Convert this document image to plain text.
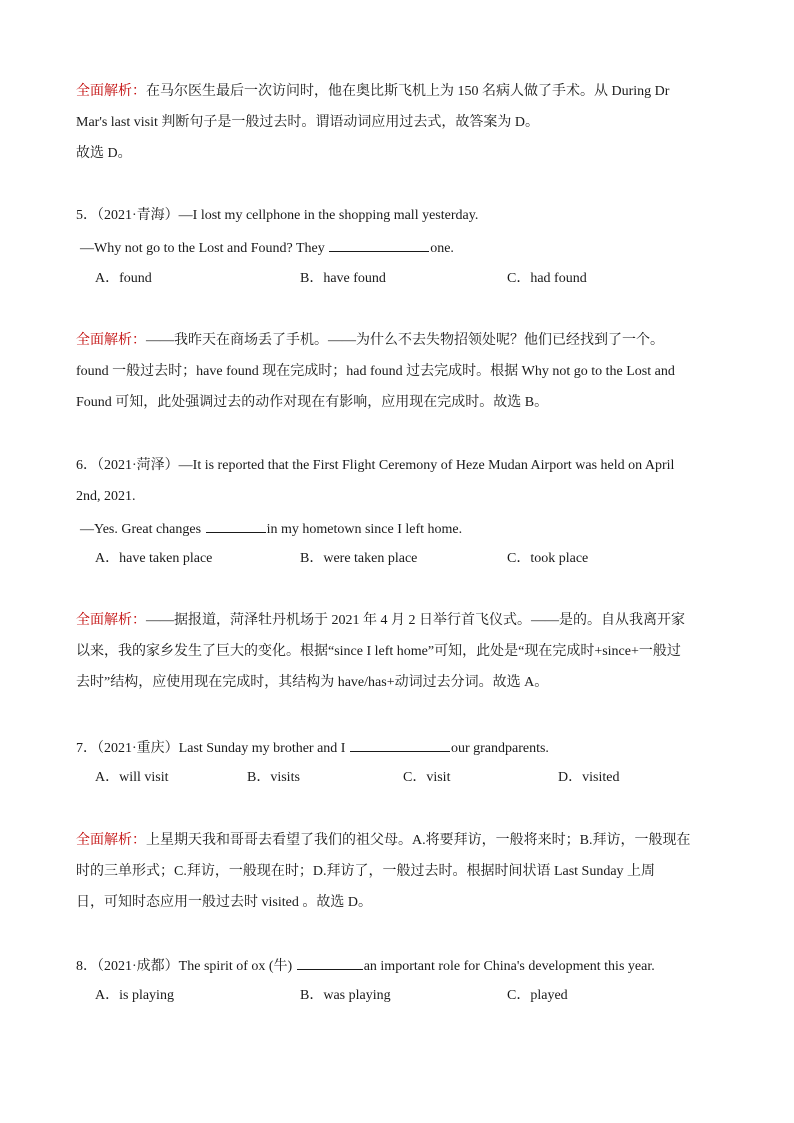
全面解析：在马尔医生最后一次访问时，他在奥比斯飞机上为 150 名病人做了手术。从 During Dr
Mar's last visit 判断句子是一般过去时。谓语动词应用过去式，故答案为 D。
故选 D。
5．（2021·青海）—I lost my cellphone in the shopping mall yesterday.
—Why not go to the Lost and Found? They	one.
A．found	B．have found	C．had found
全面解析：——我昨天在商场丢了手机。——为什么不去失物招领处呢？他们已经找到了一个。
found 一般过去时；have found 现在完成时；had found 过去完成时。根据 Why not go to the Lost and
Found 可知，此处强调过去的动作对现在有影响，应用现在完成时。故选 B。
6．（2021·菏泽）—It is reported that the First Flight Ceremony of Heze Mudan Airport was held on April
2nd, 2021.
—Yes. Great changes	in my hometown since I left home.
A．have taken place	B．were taken place	C．took place
全面解析：——据报道，菏泽牡丹机场于 2021 年 4 月 2 日举行首飞仪式。——是的。自从我离开家
以来，我的家乡发生了巨大的变化。根据“since I left home”可知，此处是“现在完成时+since+一般过
去时”结构，应使用现在完成时，其结构为 have/has+动词过去分词。故选 A。
7．（2021·重庆）Last Sunday my brother and I	our grandparents.
A．will visit	B．visits	C．visit	D．visited
全面解析：上星期天我和哥哥去看望了我们的祖父母。A.将要拜访，一般将来时；B.拜访，一般现在
时的三单形式；C.拜访，一般现在时；D.拜访了，一般过去时。根据时间状语 Last Sunday 上周
日，可知时态应用一般过去时 visited 。故选 D。
8．（2021·成都）The spirit of ox (牛)	an important role for China's development this year.
A．is playing	B．was playing	C．played
